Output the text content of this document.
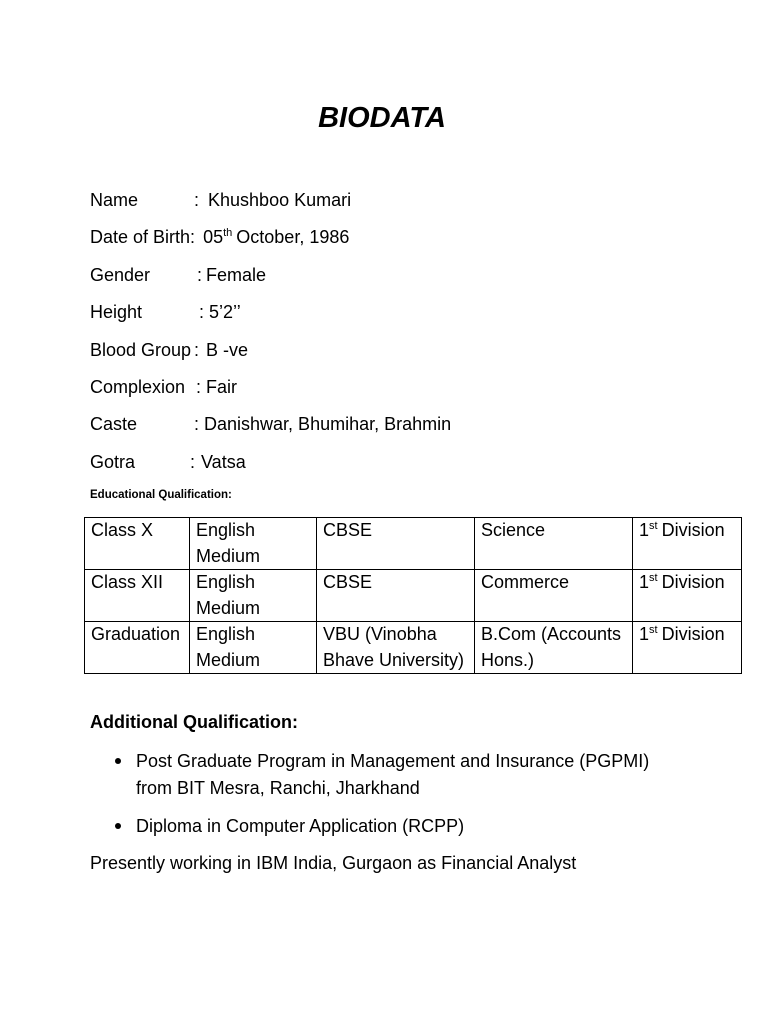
BIODATA
Name	: Khushboo Kumari
Date of Birth: 05th October, 1986
Gender	: Female
Height	: 5’2’’
Blood Group : B -ve
Complexion : Fair
Caste	: Danishwar, Bhumihar, Brahmin
Gotra	: Vatsa
Educational Qualification:
Class X	English Medium	CBSE	Science	1st Division
Class XII	English Medium	CBSE	Commerce	1st Division
Graduation	English Medium	VBU (Vinobha Bhave University)	B.Com (Accounts Hons.)	1st Division
Additional Qualification:
Post Graduate Program in Management and Insurance (PGPMI) from BIT Mesra, Ranchi, Jharkhand
Diploma in Computer Application (RCPP)
Presently working in IBM India, Gurgaon as Financial Analyst
